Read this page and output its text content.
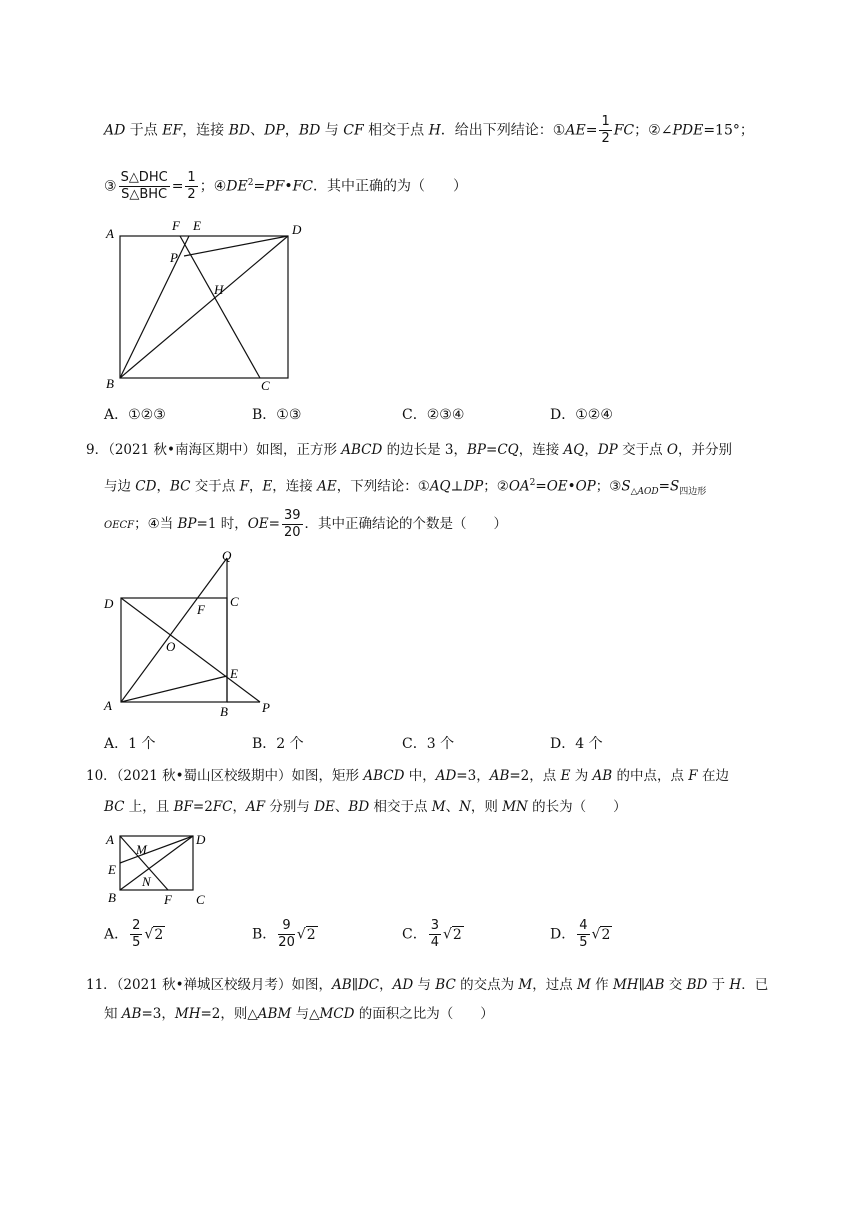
AD 于点 EF，连接 BD、DP，BD 与 CF 相交于点 H．给出下列结论：①AE= $\frac{1}{2}$ FC；②∠PDE=15°；
③ $\frac{\text{S△DHC}}{\text{S△BHC}} = \frac{1}{2}$ ；$④DE^2=PF•FC$．其中正确的为（　　）
A
F E	D
P
H
B	C
A．①②③	B．①③	C．②③④	D．①②④
9．（2021 秋•南海区期中）如图，正方形 ABCD 的边长是 3，BP=CQ，连接 AQ，DP 交于点 O，并分别
与边 CD，BC 交于点 F，E，连接 AE，下列结论：①AQ⊥DP；$②OA^2=OE•OP$；$③S_{\triangle AOD}=S_{四边形}$
OECF；④当 BP=1 时，$OE= \frac{39}{20}$ ．其中正确结论的个数是（　　）
Q
D	C
F
O
E
A	B	P
A．1 个	B．2 个	C．3 个	D．4 个
10．（2021 秋•蜀山区校级期中）如图，矩形 ABCD 中，AD=3，AB=2，点 E 为 AB 的中点，点 F 在边
BC 上，且 BF=2FC，AF 分别与 DE、BD 相交于点 M、N，则 MN 的长为（　　）
A	D
M
E
N
B	F C
A． $\frac{2}{5} √2$	B． $\frac{9}{20} √2$	C． $\frac{3}{4} √2$	D． $\frac{4}{5} √2$
11．（2021 秋•禅城区校级月考）如图，AB∥DC，AD 与 BC 的交点为 M，过点 M 作 MH∥AB 交 BD 于 H．已
知 AB=3，MH=2，则△ABM 与△MCD 的面积之比为（　　）
